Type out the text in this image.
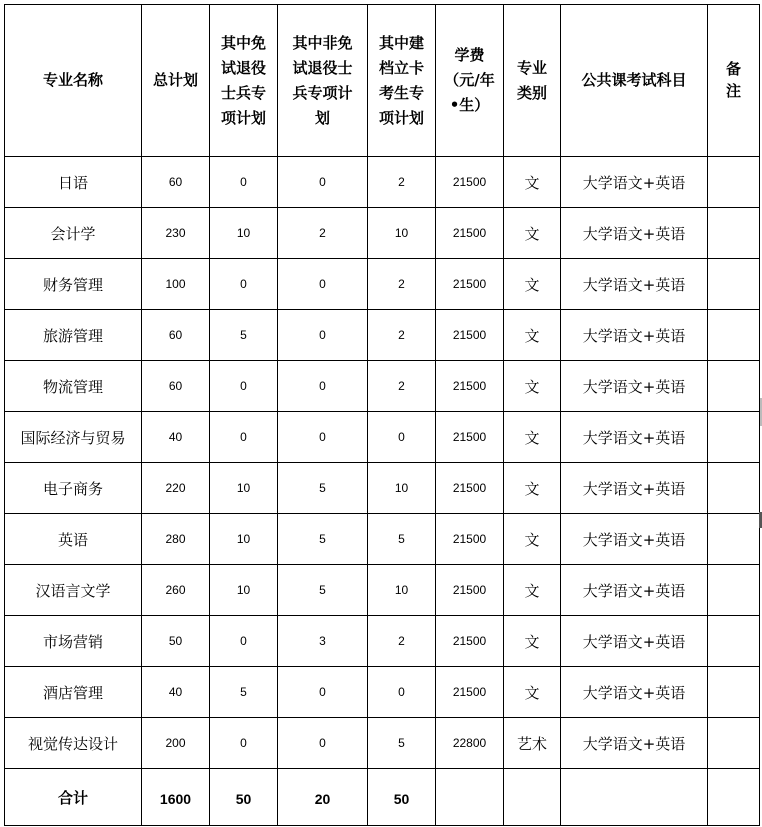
专业名称	总计划	其中免试退役士兵专项计划	其中非免试退役士兵专项计划	其中建档立卡考生专项计划	学费（元/年•生）	专业类别	公共课考试科目	备注
日语	60	0	0	2	21500	文	大学语文+英语	
会计学	230	10	2	10	21500	文	大学语文+英语	
财务管理	100	0	0	2	21500	文	大学语文+英语	
旅游管理	60	5	0	2	21500	文	大学语文+英语	
物流管理	60	0	0	2	21500	文	大学语文+英语	
国际经济与贸易	40	0	0	0	21500	文	大学语文+英语	
电子商务	220	10	5	10	21500	文	大学语文+英语	
英语	280	10	5	5	21500	文	大学语文+英语	
汉语言文学	260	10	5	10	21500	文	大学语文+英语	
市场营销	50	0	3	2	21500	文	大学语文+英语	
酒店管理	40	5	0	0	21500	文	大学语文+英语	
视觉传达设计	200	0	0	5	22800	艺术	大学语文+英语	
合计	1600	50	20	50				
